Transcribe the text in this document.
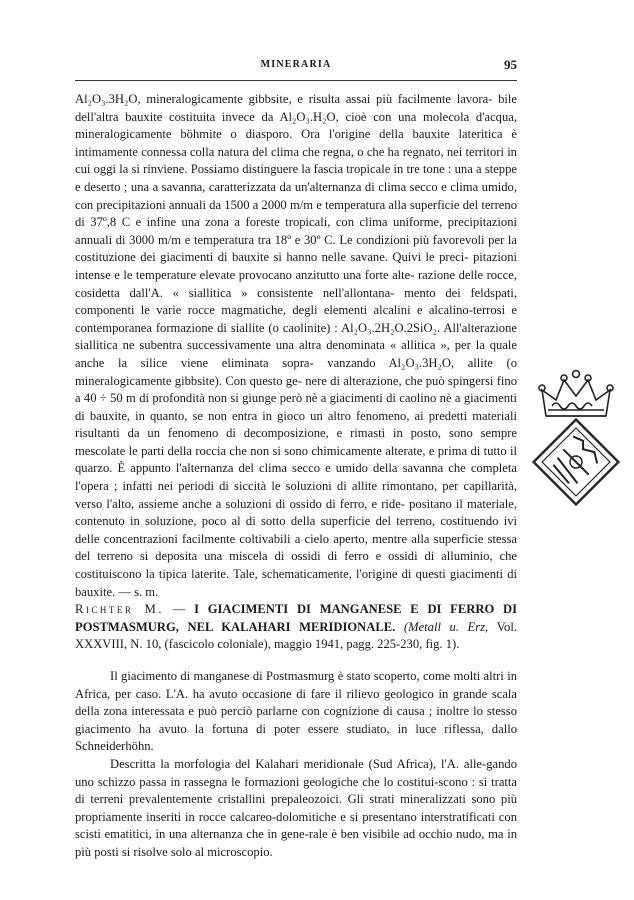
MINERARIA	95

Al₂O₃.3H₂O, mineralogicamente gibbsite, e risulta assai più facilmente lavora- bile dell'altra bauxite costituita invece da Al₂O₃.H₂O, cioè con una molecola d'acqua, mineralogicamente böhmite o diasporo. Ora l'origine della bauxite lateritica è intimamente connessa colla natura del clima che regna, o che ha regnato, nei territori in cui oggi la si rinviene. Possiamo distinguere la fascia tropicale in tre tone : una a steppe e deserto ; una a savanna, caratterizzata da un'alternanza di clima secco e clima umido, con precipitazioni annuali da 1500 a 2000 m/m e temperatura alla superficie del terreno di 37º,8 C e infine una zona a foreste tropicali, con clima uniforme, precipitazioni annuali di 3000 m/m e temperatura tra 18º e 30º C. Le condizioni più favorevoli per la costituzione dei giacimenti di bauxite si hanno nelle savane. Quivi le preci- pitazioni intense e le temperature elevate provocano anzitutto una forte alte- razione delle rocce, cosidetta dall'A. « siallitica » consistente nell'allontana- mento dei feldspati, componenti le varie rocce magmatiche, degli elementi alcalini e alcalino-terrosi e contemporanea formazione di siallite (o caolinite) : Al₂O₃.2H₂O.2SiO₂. All'alterazione siallitica ne subentra successivamente una altra denominata « allitica », per la quale anche la silice viene eliminata sopra- vanzando Al₂O₃.3H₂O, allite (o mineralogicamente gibbsite). Con questo ge- nere di alterazione, che può spingersi fino a 40 ÷ 50 m di profondità non si giunge però nè a giacimenti di caolino nè a giacimenti di bauxite, in quanto, se non entra in gioco un altro fenomeno, ai predetti materiali risultanti da un fenomeno di decomposizione, e rimasti in posto, sono sempre mescolate le parti della roccia che non si sono chimicamente alterate, e prima di tutto il quarzo. È appunto l'alternanza del clima secco e umido della savanna che completa l'opera ; infatti nei periodi di siccità le soluzioni di allite rimontano, per capillarità, verso l'alto, assieme anche a soluzioni di ossido di ferro, e ride- positano il materiale, contenuto in soluzione, poco al di sotto della superficie del terreno, costituendo ivi delle concentrazioni facilmente coltivabili a cielo aperto, mentre alla superficie stessa del terreno si deposita una miscela di ossidi di ferro e ossidi di alluminio, che costituiscono la tipica laterite. Tale, schematicamente, l'origine di questi giacimenti di bauxite. — s. m.

Richter M. — I GIACIMENTI DI MANGANESE E DI FERRO DI POSTMASMURG, NEL KALAHARI MERIDIONALE. (Metall u. Erz, Vol. XXXVIII, N. 10, (fascicolo coloniale), maggio 1941, pagg. 225-230, fig. 1).

Il giacimento di manganese di Postmasmurg è stato scoperto, come molti altri in Africa, per caso. L'A. ha avuto occasione di fare il rilievo geologico in grande scala della zona interessata e può perciò parlarne con cognizione di causa ; inoltre lo stesso giacimento ha avuto la fortuna di poter essere studiato, in luce riflessa, dallo Schneiderhöhn.

Descritta la morfologia del Kalahari meridionale (Sud Africa), l'A. alle-gando uno schizzo passa in rassegna le formazioni geologiche che lo costitui-scono : si tratta di terreni prevalentemente cristallini prepaleozoici. Gli strati mineralizzati sono più propriamente inseriti in rocce calcareo-dolomitiche e si presentano interstratificati con scisti ematitici, in una alternanza che in gene-rale è ben visibile ad occhio nudo, ma in più posti si risolve solo al microscopio.
